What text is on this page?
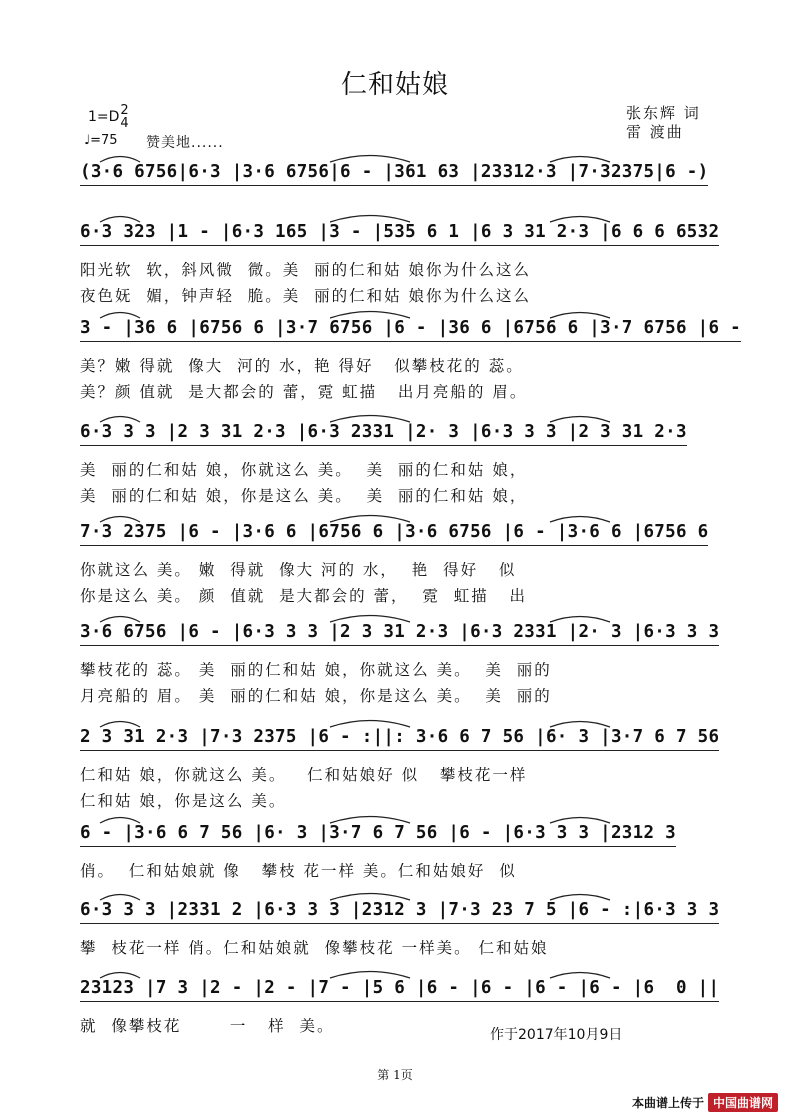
仁和姑娘
张东辉 词
雷 渡曲
1=D2
4
♩=75 赞美地......
(3·6 6756|6·3 |3·6 6756|6 - |361 63 |23312·3 |7·32375|6 -)
6·3 323 |1 - |6·3 165 |3 - |535 6 1 |6 3 31 2·3 |6 6 6 6532
阳光软  软，斜风微  微。美  丽的仁和姑 娘你为什么这么
夜色妩  媚，钟声轻  脆。美  丽的仁和姑 娘你为什么这么
3 - |36 6 |6756 6 |3·7 6756 |6 - |36 6 |6756 6 |3·7 6756 |6 -
美？嫩 得就  像大  河的 水，艳 得好   似攀枝花的 蕊。
美？颜 值就  是大都会的 蕾，霓 虹描   出月亮船的 眉。
6·3 3 3 |2 3 31 2·3 |6·3 2331 |2· 3 |6·3 3 3 |2 3 31 2·3
美  丽的仁和姑 娘，你就这么 美。  美  丽的仁和姑 娘，
美  丽的仁和姑 娘，你是这么 美。  美  丽的仁和姑 娘，
7·3 2375 |6 - |3·6 6 |6756 6 |3·6 6756 |6 - |3·6 6 |6756 6
你就这么 美。 嫩  得就  像大 河的 水，  艳  得好   似
你是这么 美。 颜  值就  是大都会的 蕾，  霓  虹描   出
3·6 6756 |6 - |6·3 3 3 |2 3 31 2·3 |6·3 2331 |2· 3 |6·3 3 3
攀枝花的 蕊。 美  丽的仁和姑 娘，你就这么 美。  美  丽的
月亮船的 眉。 美  丽的仁和姑 娘，你是这么 美。  美  丽的
2 3 31 2·3 |7·3 2375 |6 - :||: 3·6 6 7 56 |6· 3 |3·7 6 7 56
仁和姑 娘，你就这么 美。   仁和姑娘好 似   攀枝花一样
仁和姑 娘，你是这么 美。
6 - |3·6 6 7 56 |6· 3 |3·7 6 7 56 |6 - |6·3 3 3 |2312 3
俏。  仁和姑娘就 像   攀枝 花一样 美。仁和姑娘好  似
6·3 3 3 |2331 2 |6·3 3 3 |2312 3 |7·3 23 7 5 |6 - :|6·3 3 3
攀  枝花一样 俏。仁和姑娘就  像攀枝花 一样美。 仁和姑娘
23123 |7 3 |2 - |2 - |7 - |5 6 |6 - |6 - |6 - |6 - |6  0 ||
就  像攀枝花       一   样  美。	作于2017年10月9日
第 1页
本曲谱上传于 中国曲谱网
